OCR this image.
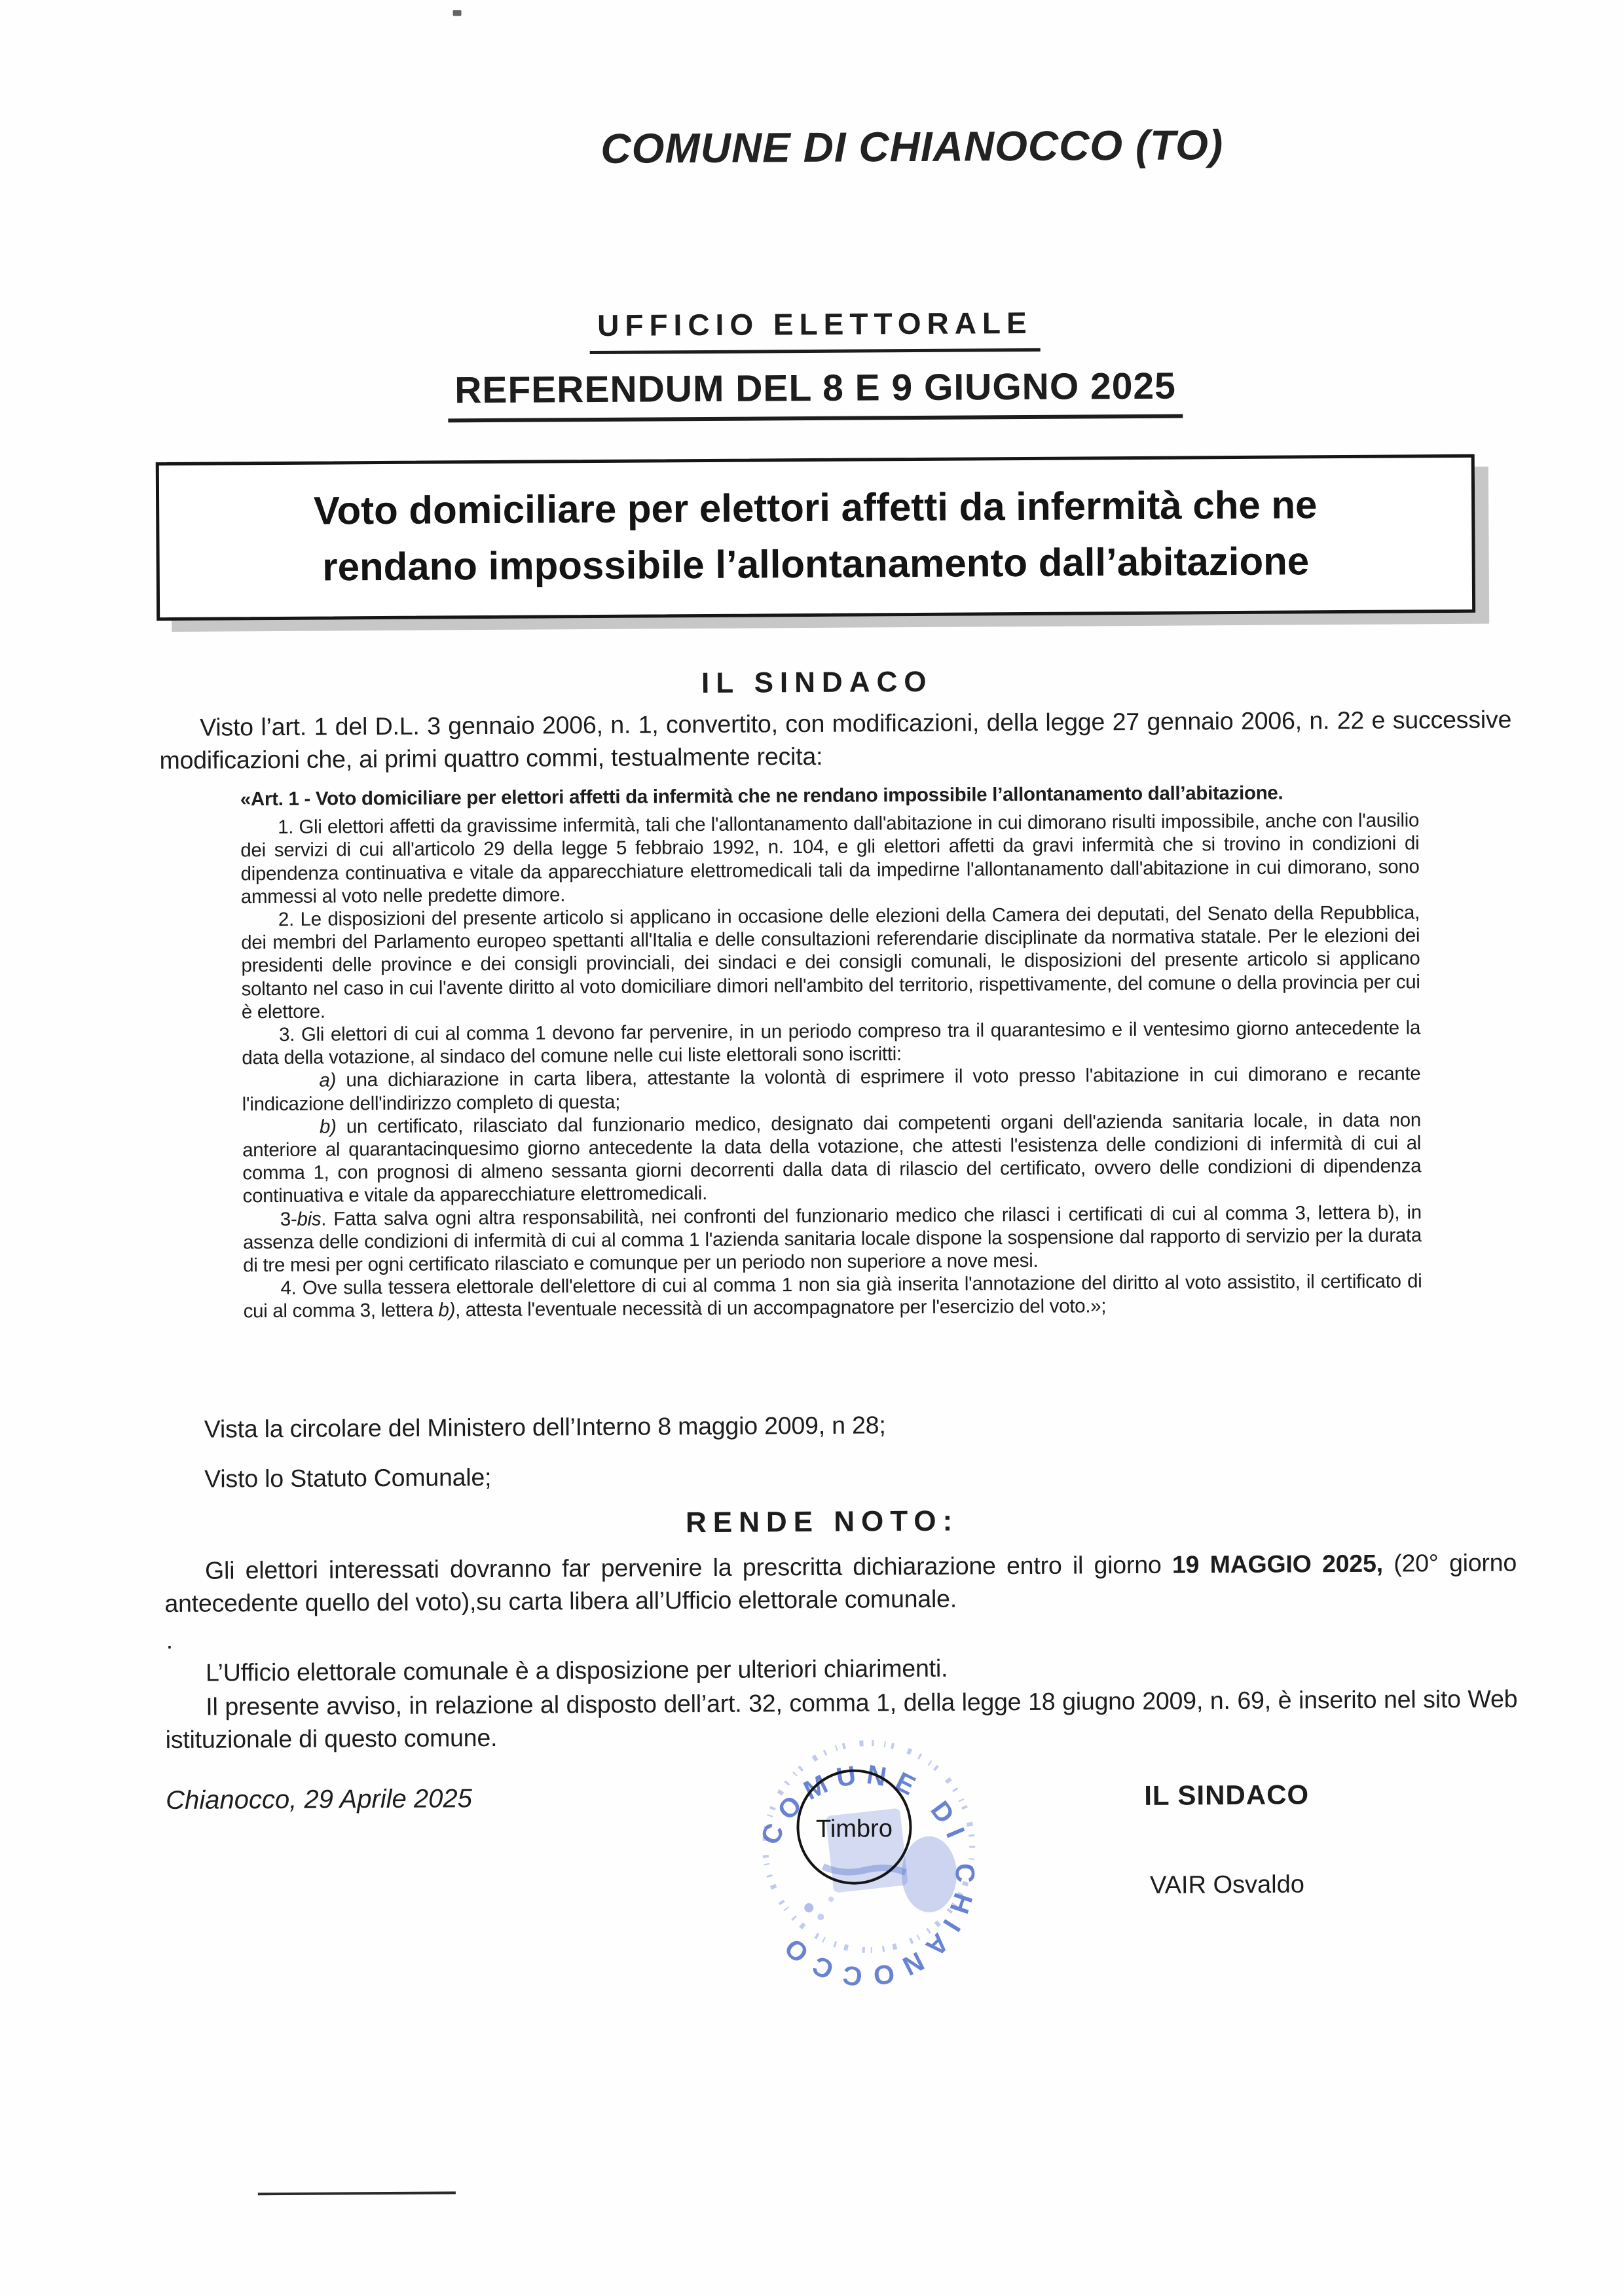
COMUNE DI CHIANOCCO (TO)
UFFICIO ELETTORALE
REFERENDUM DEL 8 E 9 GIUGNO 2025
Voto domiciliare per elettori affetti da infermità che ne
rendano impossibile l’allontanamento dall’abitazione
IL SINDACO
Visto l’art. 1 del D.L. 3 gennaio 2006, n. 1, convertito, con modificazioni, della legge 27 gennaio 2006, n. 22 e successive modificazioni che, ai primi quattro commi, testualmente recita:

«Art. 1 - Voto domiciliare per elettori affetti da infermità che ne rendano impossibile l’allontanamento dall’abitazione.

1. Gli elettori affetti da gravissime infermità, tali che l'allontanamento dall'abitazione in cui dimorano risulti impossibile, anche con l'ausilio dei servizi di cui all'articolo 29 della legge 5 febbraio 1992, n. 104, e gli elettori affetti da gravi infermità che si trovino in condizioni di dipendenza continuativa e vitale da apparecchiature elettromedicali tali da impedirne l'allontanamento dall'abitazione in cui dimorano, sono ammessi al voto nelle predette dimore.

2. Le disposizioni del presente articolo si applicano in occasione delle elezioni della Camera dei deputati, del Senato della Repubblica, dei membri del Parlamento europeo spettanti all'Italia e delle consultazioni referendarie disciplinate da normativa statale. Per le elezioni dei presidenti delle province e dei consigli provinciali, dei sindaci e dei consigli comunali, le disposizioni del presente articolo si applicano soltanto nel caso in cui l'avente diritto al voto domiciliare dimori nell'ambito del territorio, rispettivamente, del comune o della provincia per cui è elettore.

3. Gli elettori di cui al comma 1 devono far pervenire, in un periodo compreso tra il quarantesimo e il ventesimo giorno antecedente la data della votazione, al sindaco del comune nelle cui liste elettorali sono iscritti:

a) una dichiarazione in carta libera, attestante la volontà di esprimere il voto presso l'abitazione in cui dimorano e recante l'indicazione dell'indirizzo completo di questa;

b) un certificato, rilasciato dal funzionario medico, designato dai competenti organi dell'azienda sanitaria locale, in data non anteriore al quarantacinquesimo giorno antecedente la data della votazione, che attesti l'esistenza delle condizioni di infermità di cui al comma 1, con prognosi di almeno sessanta giorni decorrenti dalla data di rilascio del certificato, ovvero delle condizioni di dipendenza continuativa e vitale da apparecchiature elettromedicali.

3-bis. Fatta salva ogni altra responsabilità, nei confronti del funzionario medico che rilasci i certificati di cui al comma 3, lettera b), in assenza delle condizioni di infermità di cui al comma 1 l'azienda sanitaria locale dispone la sospensione dal rapporto di servizio per la durata di tre mesi per ogni certificato rilasciato e comunque per un periodo non superiore a nove mesi.

4. Ove sulla tessera elettorale dell'elettore di cui al comma 1 non sia già inserita l'annotazione del diritto al voto assistito, il certificato di cui al comma 3, lettera b), attesta l'eventuale necessità di un accompagnatore per l'esercizio del voto.»;

Vista la circolare del Ministero dell’Interno 8 maggio 2009, n 28;
Visto lo Statuto Comunale;
RENDE NOTO:
Gli elettori interessati dovranno far pervenire la prescritta dichiarazione entro il giorno 19 MAGGIO 2025, (20° giorno antecedente quello del voto),su carta libera all’Ufficio elettorale comunale.
.
L’Ufficio elettorale comunale è a disposizione per ulteriori chiarimenti.
Il presente avviso, in relazione al disposto dell’art. 32, comma 1, della legge 18 giugno 2009, n. 69, è inserito nel sito Web istituzionale di questo comune.
Chianocco, 29 Aprile 2025
COMUNE DI CHIANOCCO
Timbro
IL SINDACO
VAIR Osvaldo
